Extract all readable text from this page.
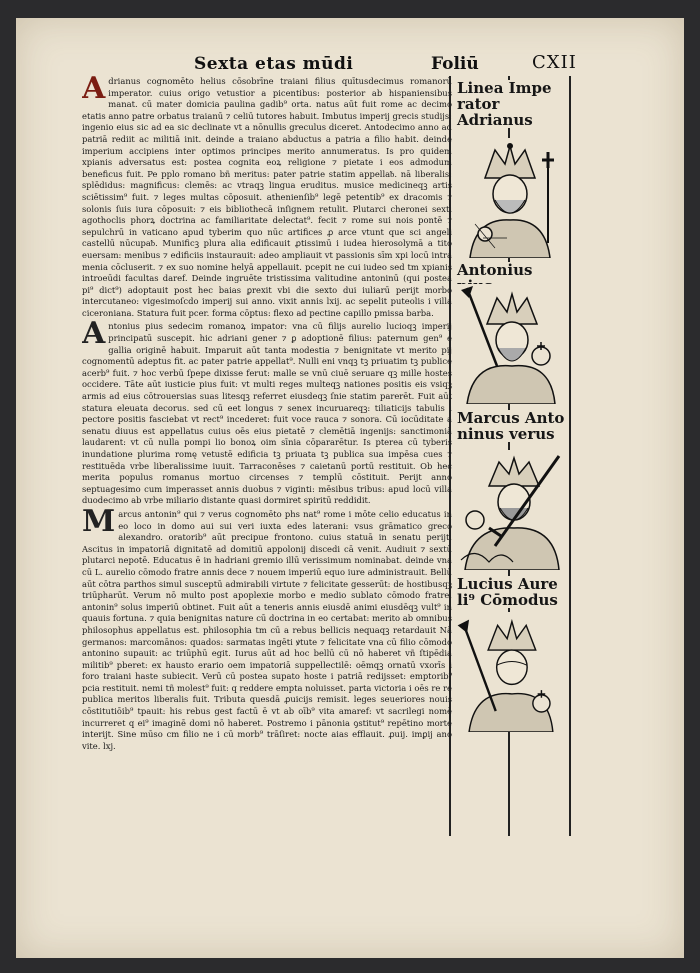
Sexta etas mūdi	Foliū	CXII

Adrianus cognomēto helius cōsobrīne traiani filius quītusdecimus romanorū imperator. cuius origo vetustior a picentibus: posterior ab hispaniensibus manat. cū mater domicia paulina gadib⁹ orta. natus aūt fuit rome ac decimo etatis anno patre orbatus traianū ⁊ celiū tutores habuit. Imbutus imperij grecis studijs: ingenio eius sic ad ea sic declinate vt a nōnullis greculus diceret. Antodecimo anno ad patriā rediit ac militiā init. deinde a traiano abductus a patria a filio habit. deinde imperium accipiens inter optimos principes merito annumeratus. Is pro quidem xpianis adversatus est: postea cognita eoꝝ religione ⁊ pietate i eos admodum beneficus fuit. Pe pplo romano bñ meritus: pater patrie statim appellaᵬ. nā liberalis: splēdidus: magnificus: clemēs: ac vtraqꝫ lingua eruditus. musice medicineqꝫ artis sciētissim⁹ fuit. ⁊ leges multas cōposuit. athenienſib⁹ legē petentib⁹ ex dracomis ⁊ solonis ſuis iura cōposuit: ⁊ eis bibliothecā inſignem retulit. Plutarci cheronei sexti agothoclis phorꝝ doctrina ac familiaritate delectat⁹. fecit ⁊ rome sui nois pontē ⁊ sepulchrū in vaticano apud tyberim quo nūc artifices ꝓ arce vtunt que sci angeli castellū nūcupaᵬ. Munificꝫ plura alia edificauit ꝓtissimū i iudea hierosolymā a tito euersam: menibus ⁊ edificiis instaurauit: adeo ampliauit vt passionis sīm xpi locū intra menia cōcluserit. ⁊ ex suo nomine helyā appellauit. pcepit ne cui iudeo sed tm xpianis introeūdi facultas daref. Deinde ingruēte tristissima valitudine antoninū (qui postea pi⁹ dict⁹) adoptauit post hec baias ꝑrexit vbi die sexto dui iuliarū perijt morbo intercutaneo: vigesimoſcdo imperij sui anno. vixit annis lxij. ac sepelit puteolis i villa ciceroniana. Statura fuit pcer. forma cōptus: flexo ad pectine capillo pmissa barba.

Antonius pius sedecim romanoꝝ impator: vna cū filijs aurelio lucioqꝫ imperij principatū suscepit. hic adriani gener ⁊ ꝑ adoptionē filius: paternum gen⁹ e gallia originē habuit. Imparuit aūt tanta modestia ⁊ benignitate vt merito pij cognomentū adeptus fit. ac pater patrie appellat⁹. Nulli eni vnqꝫ tꝫ priuatim tꝫ publice acerb⁹ fuit. ⁊ hoc verbū ſpepe dixisse ferut: malle se vnū ciuē seruare qꝫ mille hostes occidere. Tāte aūt iusticie pius fuit: vt multi reges multeqꝫ nationes positis eis vsiqꝫ armis ad eius cōtrouersias suas litesqꝫ referret eiusdeqꝫ ſnie statim parerēt. Fuit aūt statura eleuata decorus. sed cū eet longus ⁊ senex incuruareqꝫ: tiliaticijs tabulis i pectore positis fasciebat vt rect⁹ incederet: fuit voce rauca ⁊ sonora. Cū iocūditate a senatu diuus est appellatus cuius oēs eius pietatē ⁊ clemētiā ingenijs: sanctimoniā laudarent: vt cū nulla pompi lio bonoꝝ oim sīnia cōpararētur. Is pterea cū tyberis inundatione plurima romę vetustē edificia tꝫ priuata tꝫ publica sua impēsa cues ⁊ restituēda vrbe liberalissime iuuit. Tarraconēses ⁊ caietanū portū restituit. Ob hec merita populus romanus mortuo circenses ⁊ templū cōstituit. Perijt anno septuagesimo cum imperasset annis duobus ⁊ viginti: mēsibus tribus: apud locū villa duodecimo ab vrbe miliario distante quasi dormiret spiritū reddidit.

Marcus antonin⁹ qui ⁊ verus cognomēto phs nat⁹ rome i mōte celio educatus in eo loco in domo aui sui veri iuxta edes laterani: vsus grāmatico greco alexandro. oratorib⁹ aūt precipue frontono. cuius statuā in senatu perijt. Ascitus in impatoriā dignitatē ad domitiū appolonij discedi cā venit. Audiuit ⁊ sextū plutarci nepotē. Educatus ē in hadriani gremio illū verissimum nominabat. deinde vna cū L. aurelio cōmodo fratre annis dece ⁊ nouem imperiū equo iure administrauit. Bellū aūt cōtra parthos simul susceptū admirabili virtute ⁊ felicitate gesserūt: de hostibusqꝫ triūpharūt. Verum nō multo post apoplexie morbo e medio sublato cōmodo fratre. antonin⁹ solus imperiū obtinet. Fuit aūt a teneris annis eiusdē animi eiusdēqꝫ vult⁹ in quauis fortuna. ⁊ quia benignitas nature cū doctrina in eo certabat: merito ab omnibus philosophus appellatus est. philosophia tm cū a rebus bellicis nequaqꝫ retardauit Nā germanos: marcomānos: quados: sarmatas ingēti ꝟtute ⁊ felicitate vna cū filio cōmodo antonino supauit: ac triūphū egit. Iurus aūt ad hoc bellū cū nō haberet vñ ſtipēdia militib⁹ pberet: ex hausto erario oem impatoriā suppellectilē: oēmqꝫ ornatū vxorīs i foro traiani haste subiecit. Verū cū postea supato hoste i patriā redijsset: emptorib⁹ pcia restituit. nemi tñ molest⁹ fuit: q reddere empta noluisset. parta victoria i oēs re re publica meritos liberalis fuit. Tributa quesdā ꝓuicijs remisit. leges seueriores nouis cōstitutiōib⁹ tpauit: his rebus gest factū ē vt ab oīb⁹ vita amaref: vt sacrilegi nomē incurreret q ei⁹ imaginē domi nō haberet. Postremo i pānonia ꝯstitut⁹ repētino morte interijt. Sine mūso cm filio ne i cū morb⁹ trāſiret: nocte aias efflauit. ꝓuij. imꝑij ano vite. lxj.

Linea Impe rator Adrianus
Antonius
Marcus Anto ninus verus
Lucius Aure li⁹ Cōmodus
